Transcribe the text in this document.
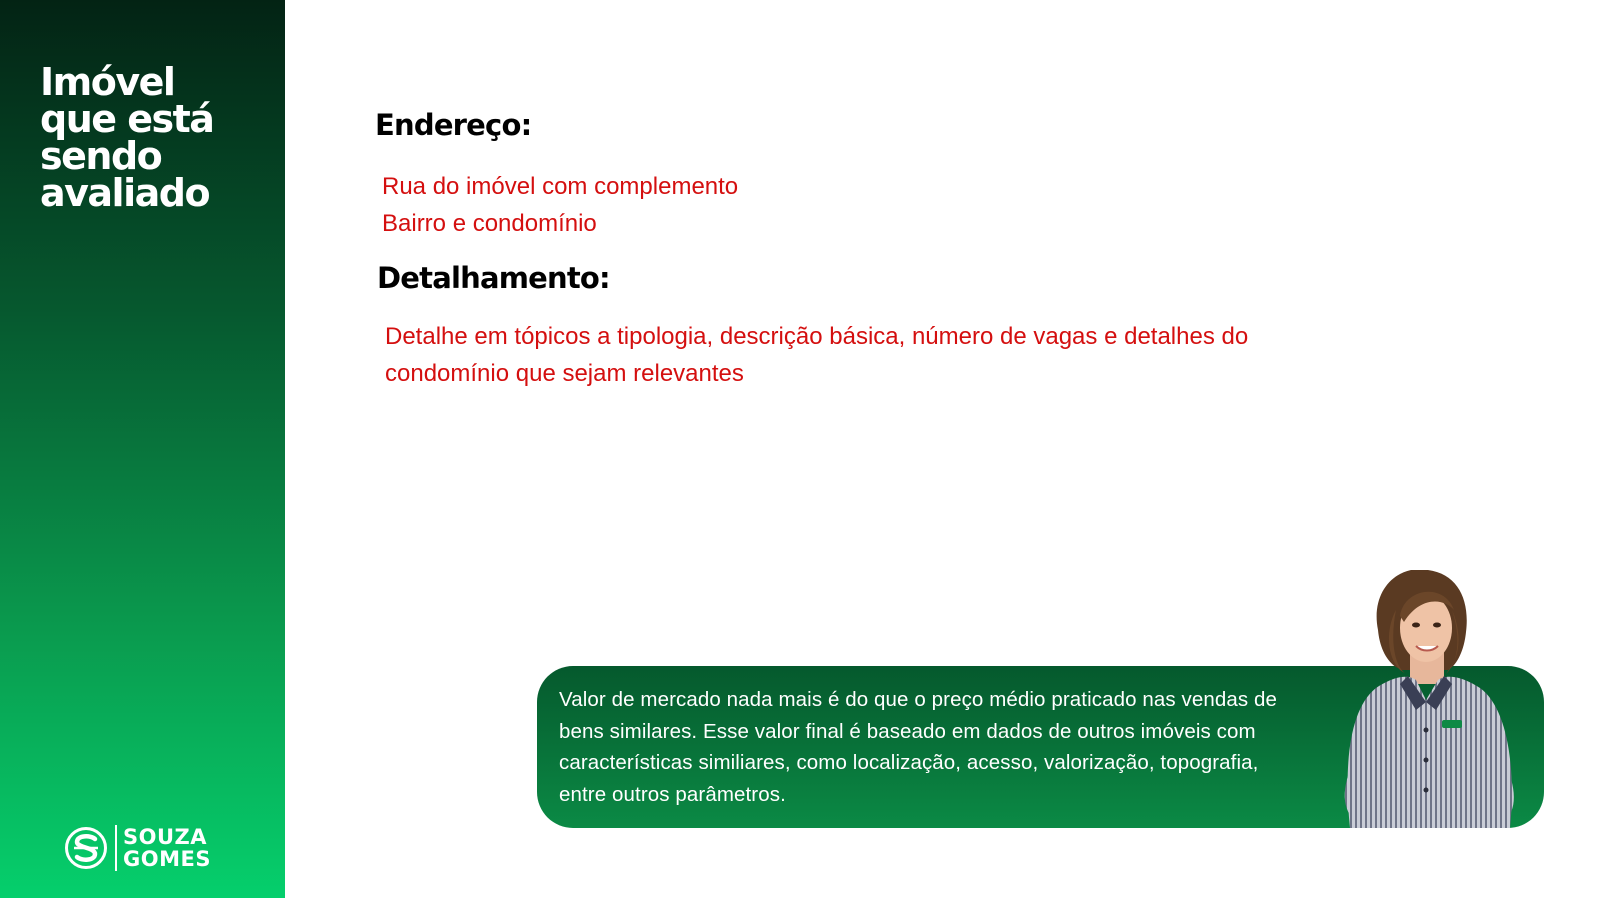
Imóvel
que está
sendo
avaliado
SOUZA
GOMES
Endereço:
Rua do imóvel com complemento
Bairro e condomínio
Detalhamento:
Detalhe em tópicos a tipologia, descrição básica, número de vagas e detalhes do
condomínio que sejam relevantes
Valor de mercado nada mais é do que o preço médio praticado nas vendas de
bens similares. Esse valor final é baseado em dados de outros imóveis com
características similiares, como localização, acesso, valorização, topografia,
entre outros parâmetros.
